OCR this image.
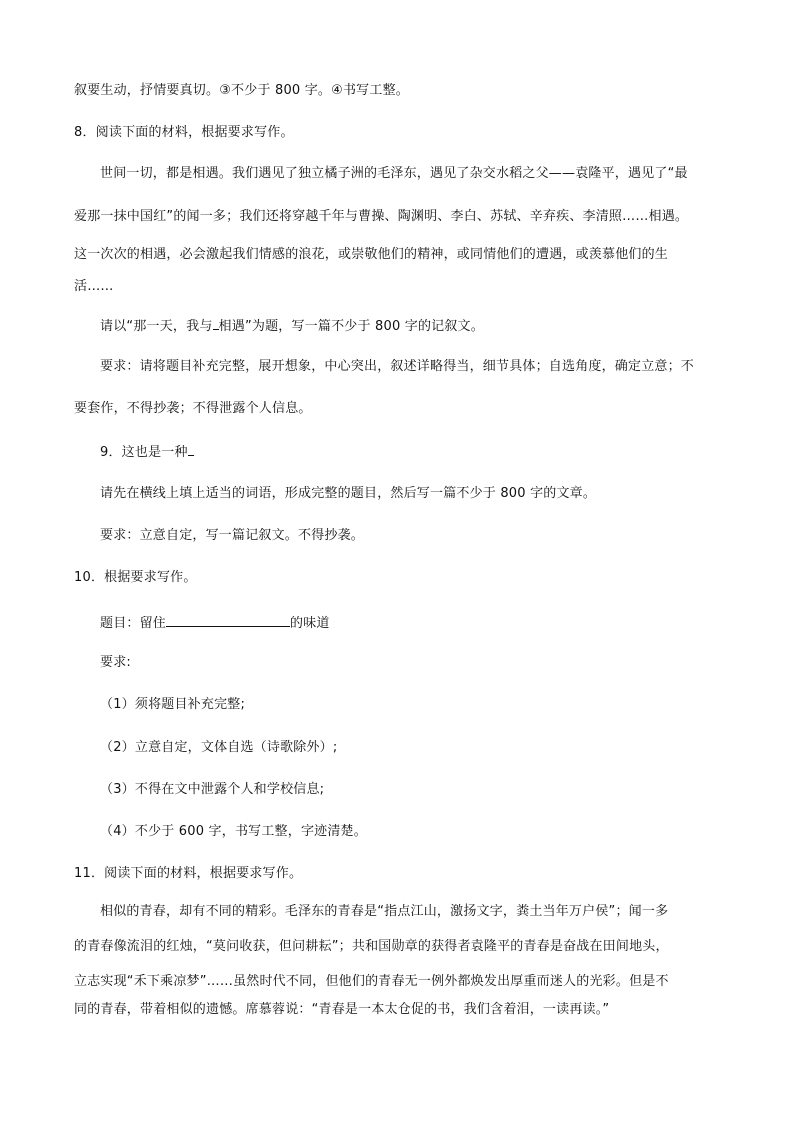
叙要生动，抒情要真切。③不少于 800 字。④书写工整。
8．阅读下面的材料，根据要求写作。
世间一切，都是相遇。我们遇见了独立橘子洲的毛泽东，遇见了杂交水稻之父——袁隆平，遇见了“最
爱那一抹中国红”的闻一多；我们还将穿越千年与曹操、陶渊明、李白、苏轼、辛弃疾、李清照……相遇。
这一次次的相遇，必会激起我们情感的浪花，或崇敬他们的精神，或同情他们的遭遇，或羡慕他们的生
活……
请以“那一天，我与 相遇”为题，写一篇不少于 800 字的记叙文。
要求：请将题目补充完整，展开想象，中心突出，叙述详略得当，细节具体；自选角度，确定立意；不
要套作，不得抄袭；不得泄露个人信息。
9．这也是一种
请先在横线上填上适当的词语，形成完整的题目，然后写一篇不少于 800 字的文章。
要求：立意自定，写一篇记叙文。不得抄袭。
10．根据要求写作。
题目：留住	的味道
要求:
（1）须将题目补充完整;
（2）立意自定，文体自选（诗歌除外）;
（3）不得在文中泄露个人和学校信息;
（4）不少于 600 字，书写工整，字迹清楚。
11．阅读下面的材料，根据要求写作。
相似的青春，却有不同的精彩。毛泽东的青春是“指点江山，激扬文字，粪土当年万户侯”；闻一多
的青春像流泪的红烛，“莫问收获，但问耕耘”；共和国勋章的获得者袁隆平的青春是奋战在田间地头，
立志实现“禾下乘凉梦”……虽然时代不同，但他们的青春无一例外都焕发出厚重而迷人的光彩。但是不
同的青春，带着相似的遗憾。席慕蓉说：“青春是一本太仓促的书，我们含着泪，一读再读。”
